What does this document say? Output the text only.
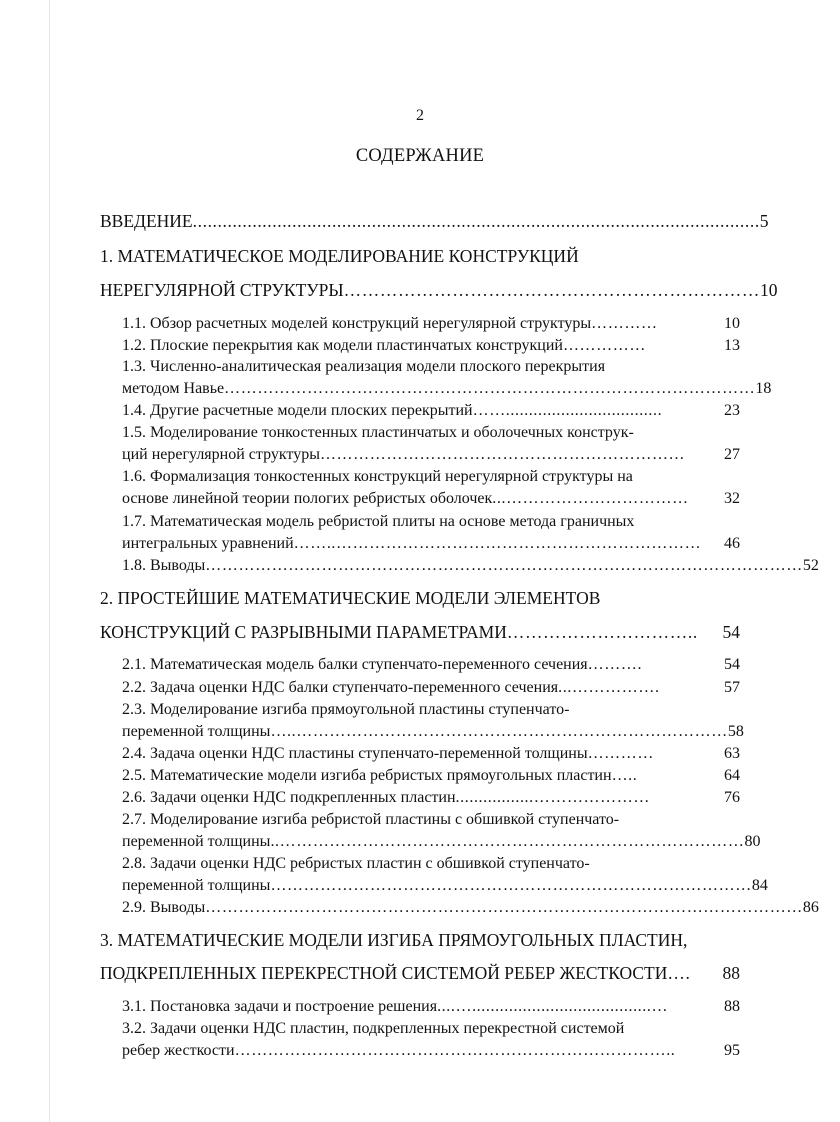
2
СОДЕРЖАНИЕ
ВВЕДЕНИЕ .................................................................................................................. 5
1. МАТЕМАТИЧЕСКОЕ МОДЕЛИРОВАНИЕ КОНСТРУКЦИЙ
НЕРЕГУЛЯРНОЙ СТРУКТУРЫ …………………………………………………………… 10
1.1. Обзор расчетных моделей конструкций нерегулярной структуры …………	10
1.2. Плоские перекрытия как модели пластинчатых конструкций ……………	13
1.3. Численно-аналитическая реализация модели плоского перекрытия
методом Навье …………………………………………………………………………………… 18
1.4. Другие расчетные модели плоских перекрытий ……..................................	23
1.5. Моделирование тонкостенных пластинчатых и оболочечных конструк-
ций нерегулярной структуры …………………………………………………………	27
1.6. Формализация тонкостенных конструкций нерегулярной структуры на
основе линейной теории пологих ребристых оболочек ...……………………………	32
1.7. Математическая модель ребристой плиты на основе метода граничных
интегральных уравнений ……..…………………………………………………………	46
1.8. Выводы ……………………………………………………………………………………………… 52
2. ПРОСТЕЙШИЕ МАТЕМАТИЧЕСКИЕ МОДЕЛИ ЭЛЕМЕНТОВ
КОНСТРУКЦИЙ С РАЗРЫВНЫМИ ПАРАМЕТРАМИ …………………………..	54
2.1. Математическая модель балки ступенчато-переменного сечения ……….	54
2.2. Задача оценки НДС балки ступенчато-переменного сечения ...…………….	57
2.3. Моделирование изгиба прямоугольной пластины ступенчато-
переменной толщины …..…………………………………………………………………… 58
2.4. Задача оценки НДС пластины ступенчато-переменной толщины …………	63
2.5. Математические модели изгиба ребристых прямоугольных пластин …..	64
2.6. Задачи оценки НДС подкрепленных пластин .................…………………	76
2.7. Моделирование изгиба ребристой пластины с обшивкой ступенчато-
переменной толщины ..………………………………………………………………………… 80
2.8. Задачи оценки НДС ребристых пластин с обшивкой ступенчато-
переменной толщины …………………………………………………………………………… 84
2.9. Выводы ……………………………………………………………………………………………… 86
3. МАТЕМАТИЧЕСКИЕ МОДЕЛИ ИЗГИБА ПРЯМОУГОЛЬНЫХ ПЛАСТИН,
ПОДКРЕПЛЕННЫХ ПЕРЕКРЕСТНОЙ СИСТЕМОЙ РЕБЕР ЖЕСТКОСТИ ….	88
3.1. Постановка задачи и построение решения ....….......................................…	88
3.2. Задачи оценки НДС пластин, подкрепленных перекрестной системой
ребер жесткости ……………………………………………………………………..	95
